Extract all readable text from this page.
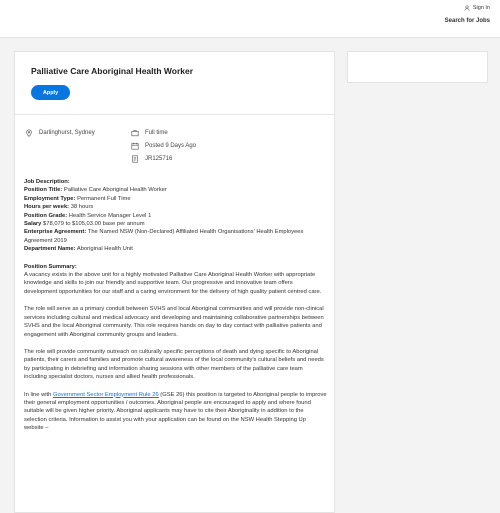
Sign In
Search for Jobs
Palliative Care Aboriginal Health Worker
Apply
Darlinghurst, Sydney	Full time
Posted 9 Days Ago
JR125716
Job Description:
Position Title: Palliative Care Aboriginal Health Worker
Employment Type: Permanent Full Time
Hours per week: 38 hours
Position Grade: Health Service Manager Level 1
Salary $78,079 to $105,03.00 base per annum
Enterprise Agreement: The Named NSW (Non-Declared) Affiliated Health Organisations' Health Employees Agreement 2019
Department Name: Aboriginal Health Unit
Position Summary:

A vacancy exists in the above unit for a highly motivated Palliative Care Aboriginal Health Worker with appropriate knowledge and skills to join our friendly and supportive team. Our progressive and innovative team offers development opportunities for our staff and a caring environment for the delivery of high quality patient centred care.

The role will serve as a primary conduit between SVHS and local Aboriginal communities and will provide non-clinical services including cultural and medical advocacy and developing and maintaining collaborative partnerships between SVHS and the local Aboriginal community. This role requires hands on day to day contact with palliative patients and engagement with Aboriginal community groups and leaders.

The role will provide community outreach on culturally specific perceptions of death and dying specific to Aboriginal patients, their carers and families and promote cultural awareness of the local community's cultural beliefs and needs by participating in debriefing and information sharing sessions with other members of the palliative care team including specialist doctors, nurses and allied health professionals.

In line with Government Sector Employment Rule 26 (GSE 26) this position is targeted to Aboriginal people to improve their general employment opportunities / outcomes. Aboriginal people are encouraged to apply and where found suitable will be given higher priority. Aboriginal applicants may have to cite their Aboriginality in addition to the selection criteria. Information to assist you with your application can be found on the NSW Health Stepping Up website –
